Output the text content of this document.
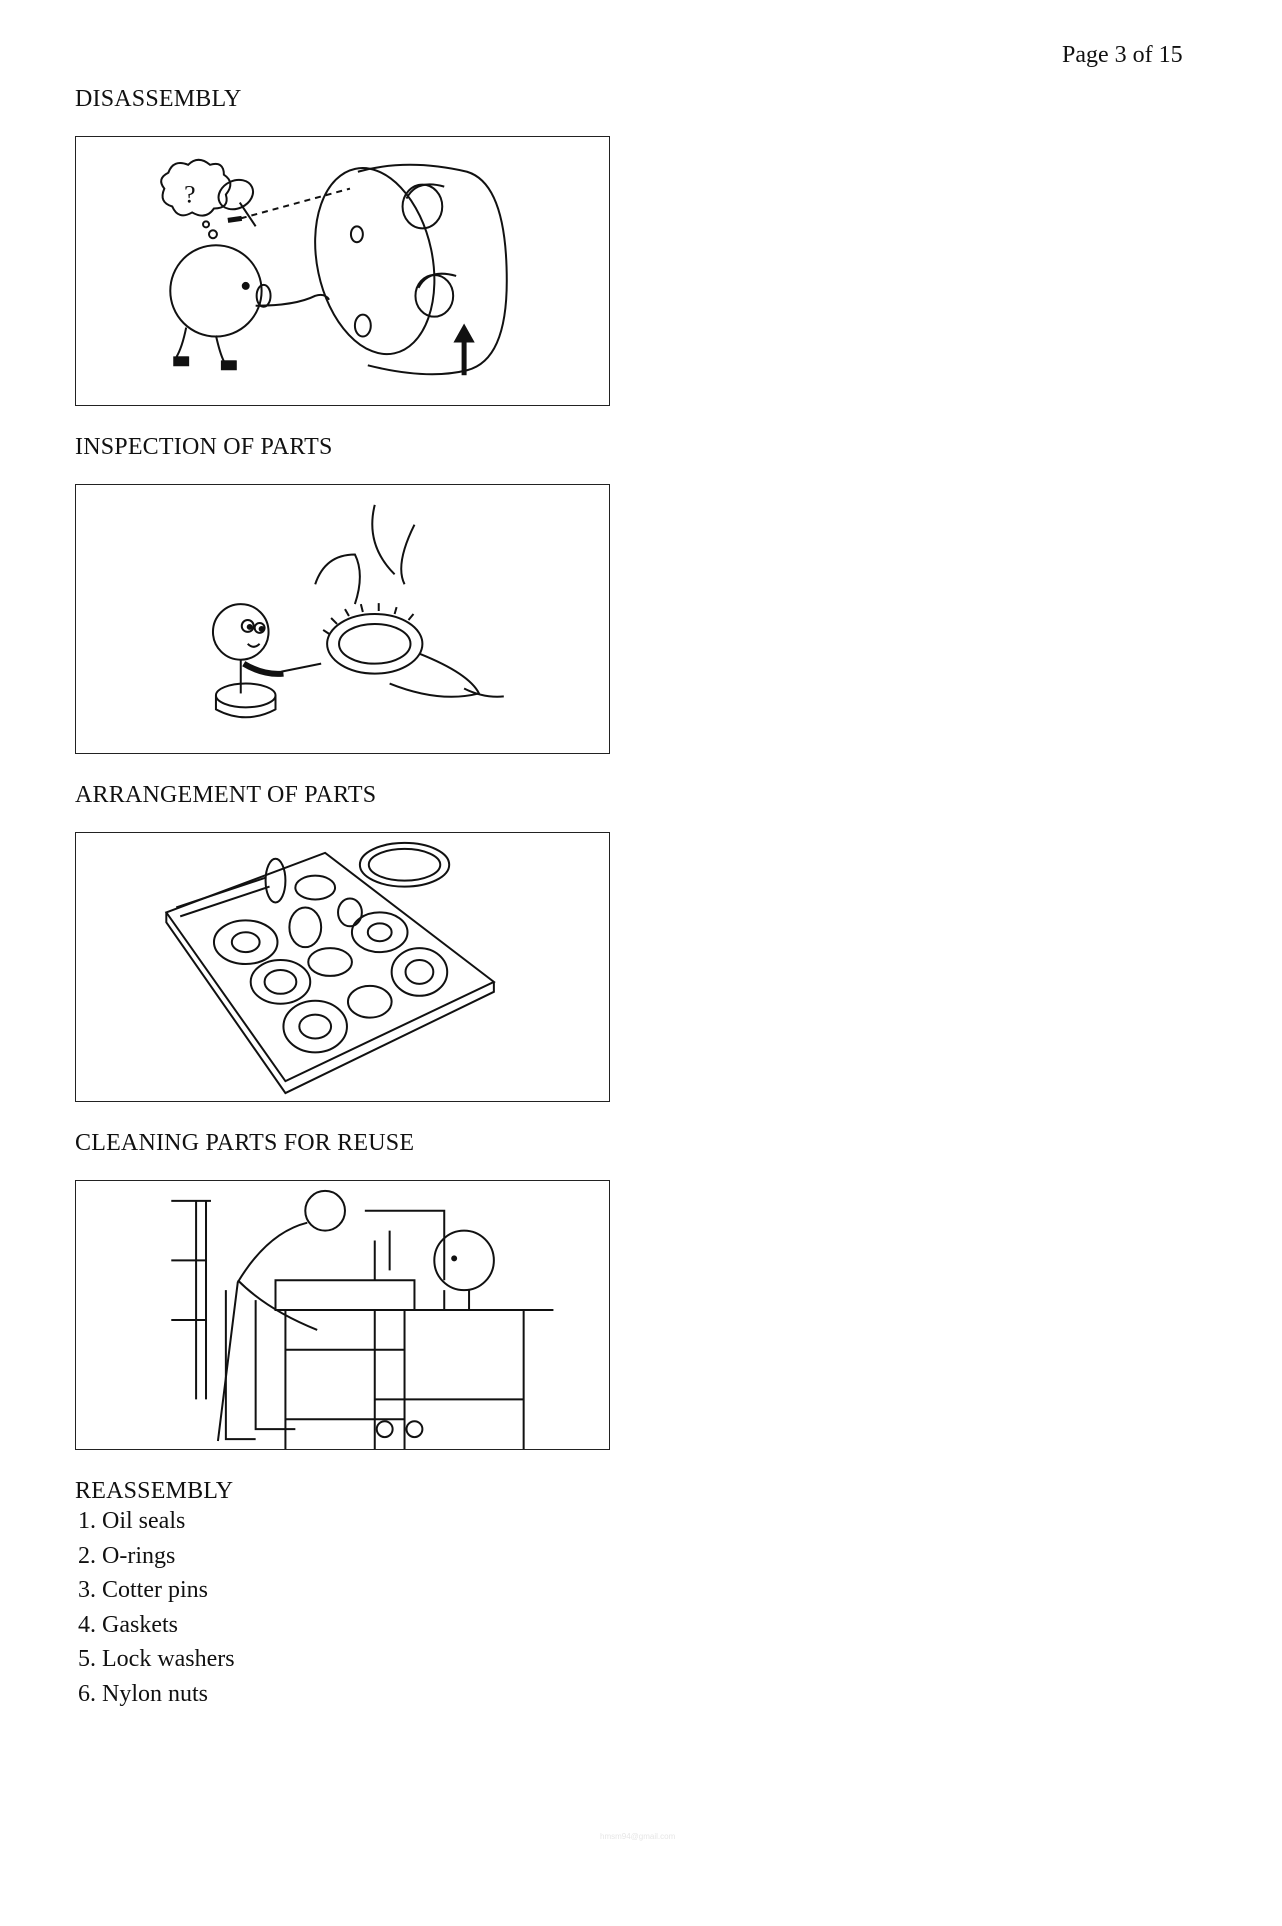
Page 3 of 15
DISASSEMBLY
?
INSPECTION OF PARTS
ARRANGEMENT OF PARTS
CLEANING PARTS FOR REUSE
REASSEMBLY
1. Oil seals
2. O-rings
3. Cotter pins
4. Gaskets
5. Lock washers
6. Nylon nuts
hmsm94@gmail.com
